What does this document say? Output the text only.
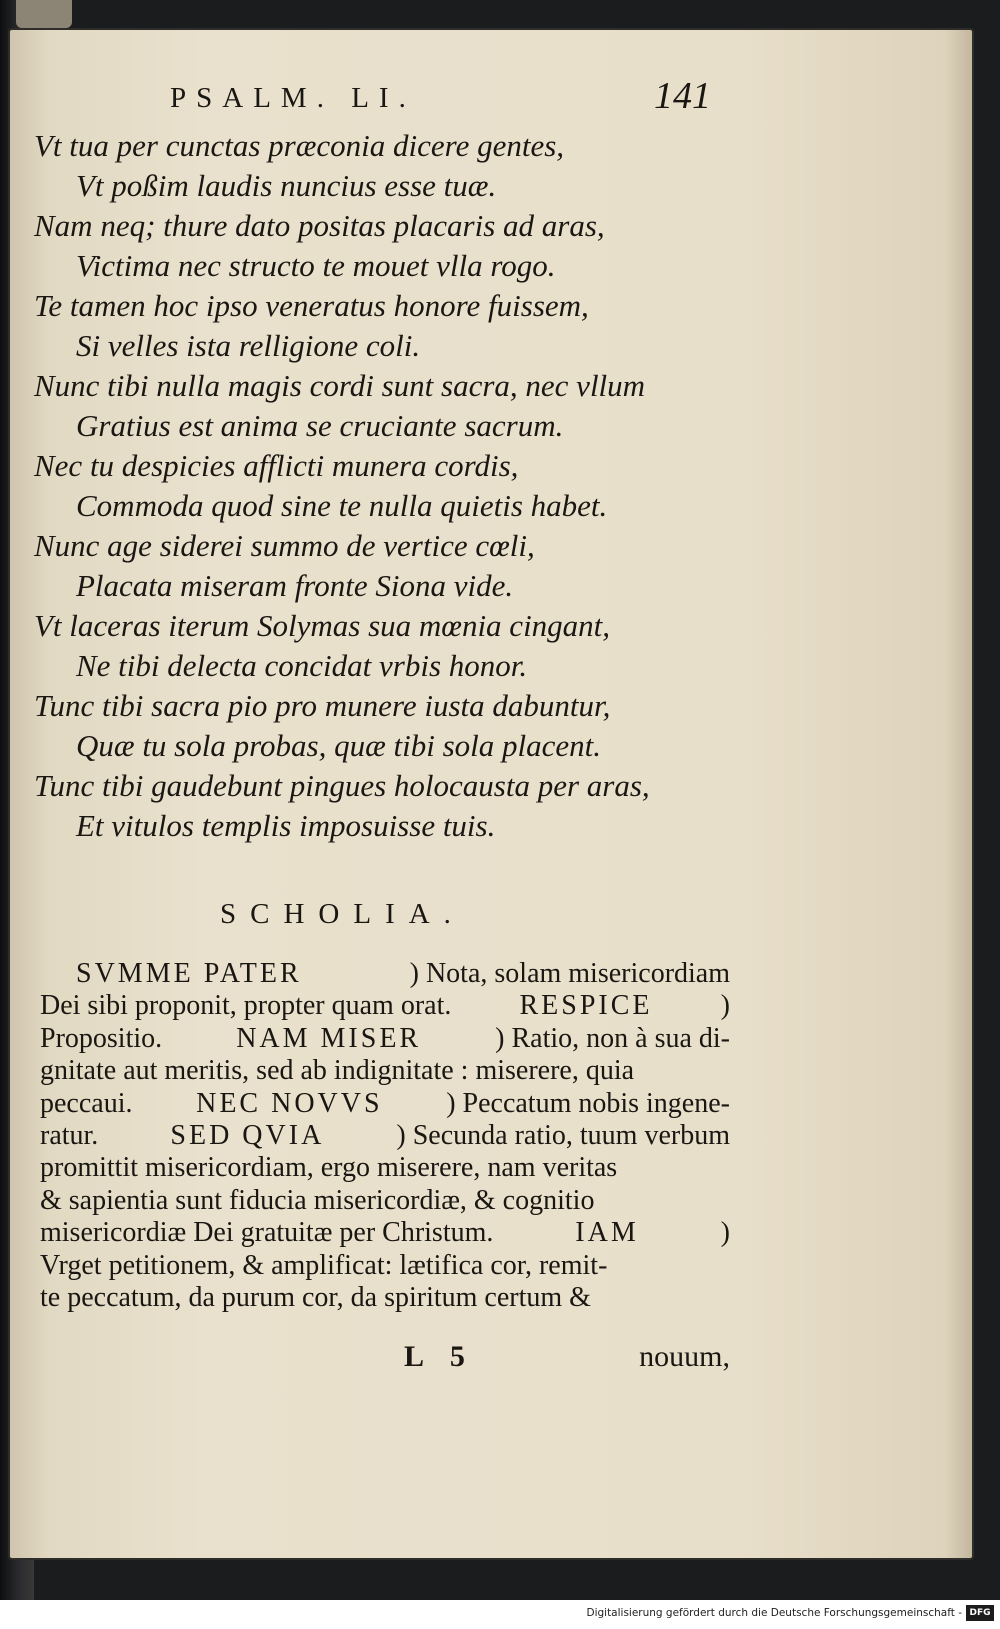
PSALM. LI.	141
Vt tua per cunctas præconia dicere gentes,
Vt poßim laudis nuncius esse tuæ.
Nam neq; thure dato positas placaris ad aras,
Victima nec structo te mouet vlla rogo.
Te tamen hoc ipso veneratus honore fuissem,
Si velles ista relligione coli.
Nunc tibi nulla magis cordi sunt sacra, nec vllum
Gratius est anima se cruciante sacrum.
Nec tu despicies afflicti munera cordis,
Commoda quod sine te nulla quietis habet.
Nunc age siderei summo de vertice cœli,
Placata miseram fronte Siona vide.
Vt laceras iterum Solymas sua mœnia cingant,
Ne tibi delecta concidat vrbis honor.
Tunc tibi sacra pio pro munere iusta dabuntur,
Quæ tu sola probas, quæ tibi sola placent.
Tunc tibi gaudebunt pingues holocausta per aras,
Et vitulos templis imposuisse tuis.
SCHOLIA.
SVMME PATER	) Nota, solam misericordiam
Dei sibi proponit, propter quam orat. RESPICE )
Propositio.	NAM MISER	) Ratio, non à sua di-
gnitate aut meritis, sed ab indignitate : miserere, quia
peccaui. NEC NOVVS ) Peccatum nobis ingene-
ratur.	SED QVIA	) Secunda ratio, tuum verbum
promittit misericordiam, ergo miserere, nam veritas
& sapientia sunt fiducia misericordiæ, & cognitio
misericordiæ Dei gratuitæ per Christum.	IAM	)
Vrget petitionem, & amplificat: lætifica cor, remit-
te peccatum, da purum cor, da spiritum certum &
L 5	nouum,
Digitalisierung gefördert durch die Deutsche Forschungsgemeinschaft - DFG
